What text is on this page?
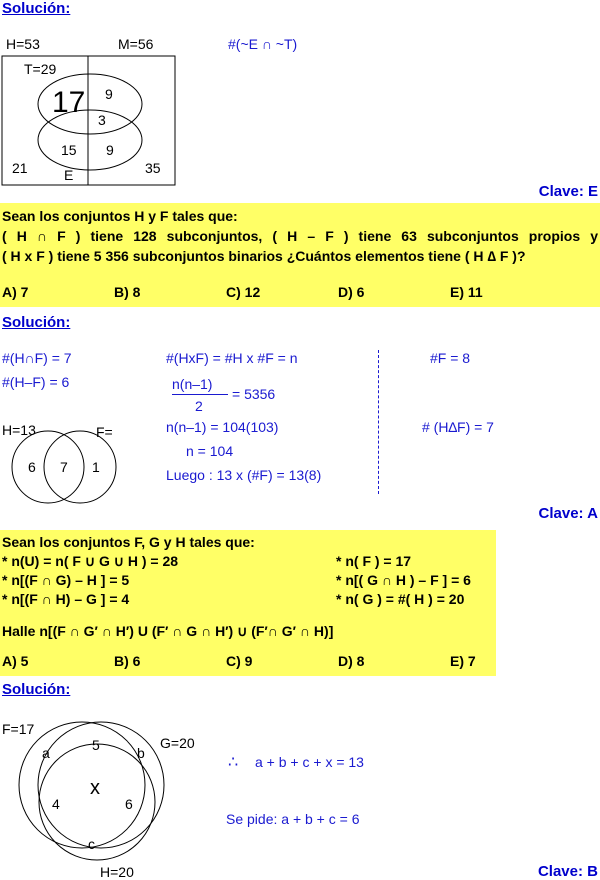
Solución:
H=53	M=56	#(~E ∩ ~T)
T=29
17 9
3
15 9
21	35
E
Clave: E
Sean los conjuntos H y F tales que:
( H ∩ F ) tiene 128 subconjuntos, ( H – F ) tiene 63 subconjuntos propios y
( H x F ) tiene 5 356 subconjuntos binarios ¿Cuántos elementos tiene ( H ∆ F )?
A) 7	B) 8	C) 12	D) 6	E) 11
Solución:
#(H∩F) = 7
#(H–F) = 6
#(HxF) = #H x #F = n
n(n–1)
2
= 5356
n(n–1) = 104(103)
n = 104
Luego : 13 x (#F) = 13(8)
#F = 8
# (H∆F) = 7
H=13	F=
6 7 1
Clave: A
Sean los conjuntos F, G y H tales que:
* n(U) = n( F ∪ G ∪ H ) = 28
* n[(F ∩ G) – H ] = 5
* n[(F ∩ H) – G ] = 4
* n( F ) = 17
* n[( G ∩ H ) – F ] = 6
* n( G ) = #( H ) = 20
Halle n[(F ∩ G′ ∩ H′) U (F′ ∩ G ∩ H′) ∪ (F′∩ G′ ∩ H)]
A) 5	B) 6	C) 9	D) 8	E) 7
Solución:
F=17
G=20
H=20
a	5	b
x
4	6
c
∴ a + b + c + x = 13
Se pide: a + b + c = 6
Clave: B
